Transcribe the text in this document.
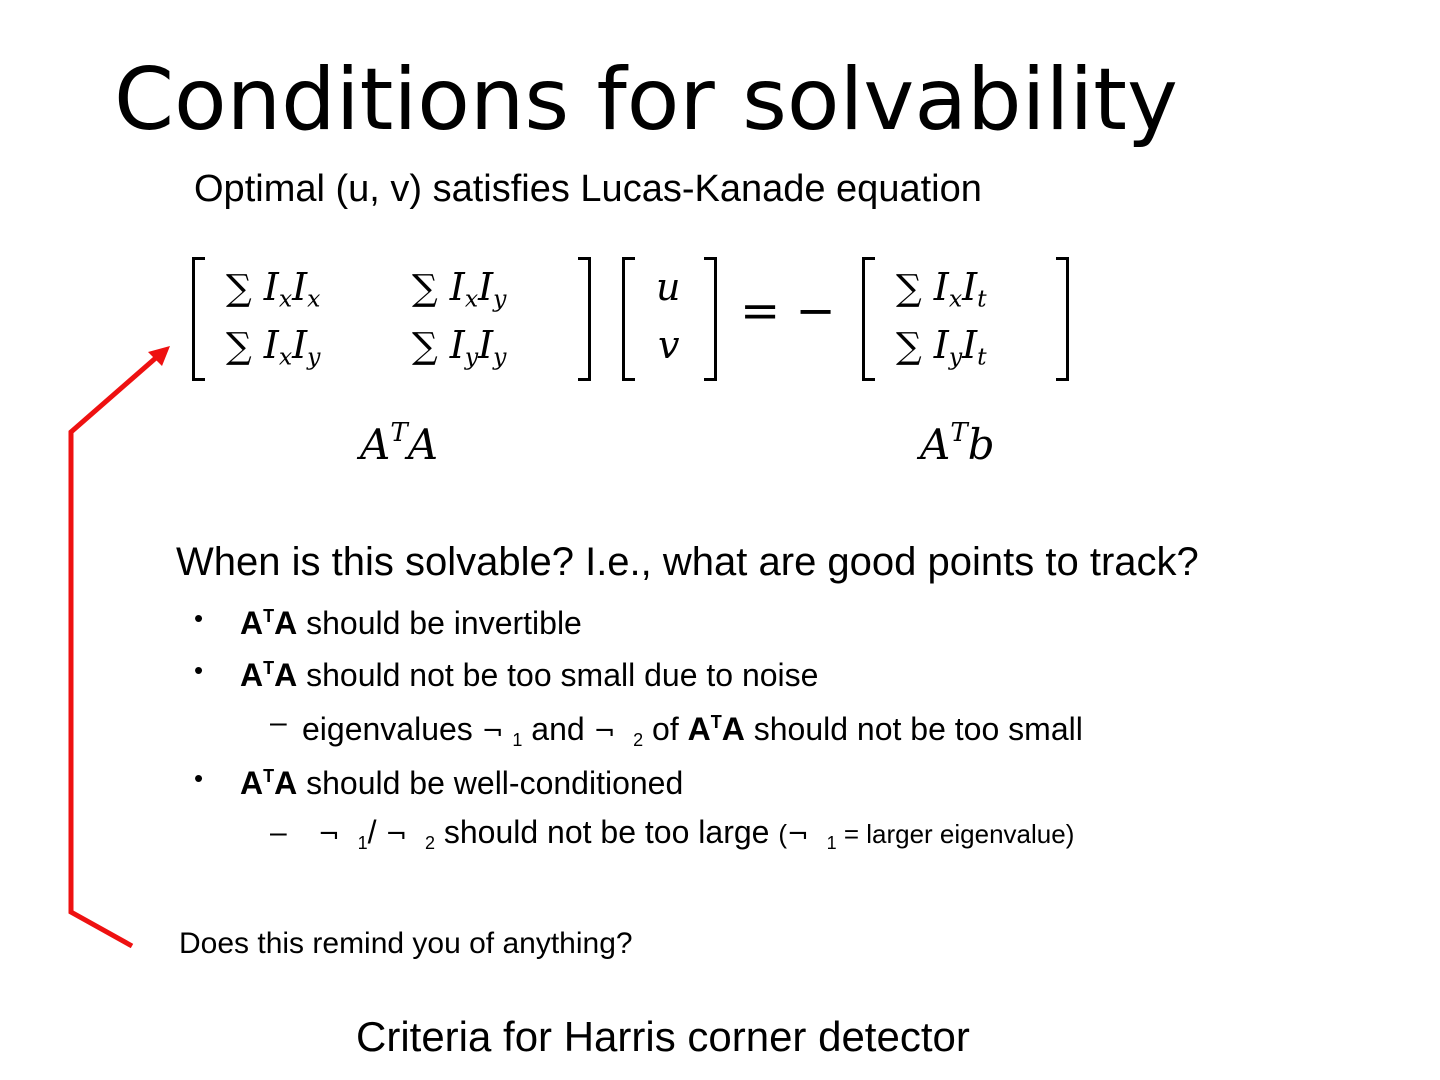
Conditions for solvability
Optimal (u, v) satisfies Lucas-Kanade equation
∑ $I_xI_x$	∑ $I_xI_y$
∑ $I_xI_y$	∑ $I_yI_y$
u
v
= − ∑ $I_xI_t$
∑ $I_yI_t$
$A^TA$	$A^Tb$
When is this solvable? I.e., what are good points to track?
• $A^TA$ should be invertible
• $A^TA$ should not be too small due to noise
– eigenvalues ¬ 1 and ¬ 2 of $A^TA$ should not be too small
• $A^TA$ should be well-conditioned
– ¬ 1/ ¬ 2 should not be too large (¬ 1 = larger eigenvalue)
Does this remind you of anything?
Criteria for Harris corner detector
